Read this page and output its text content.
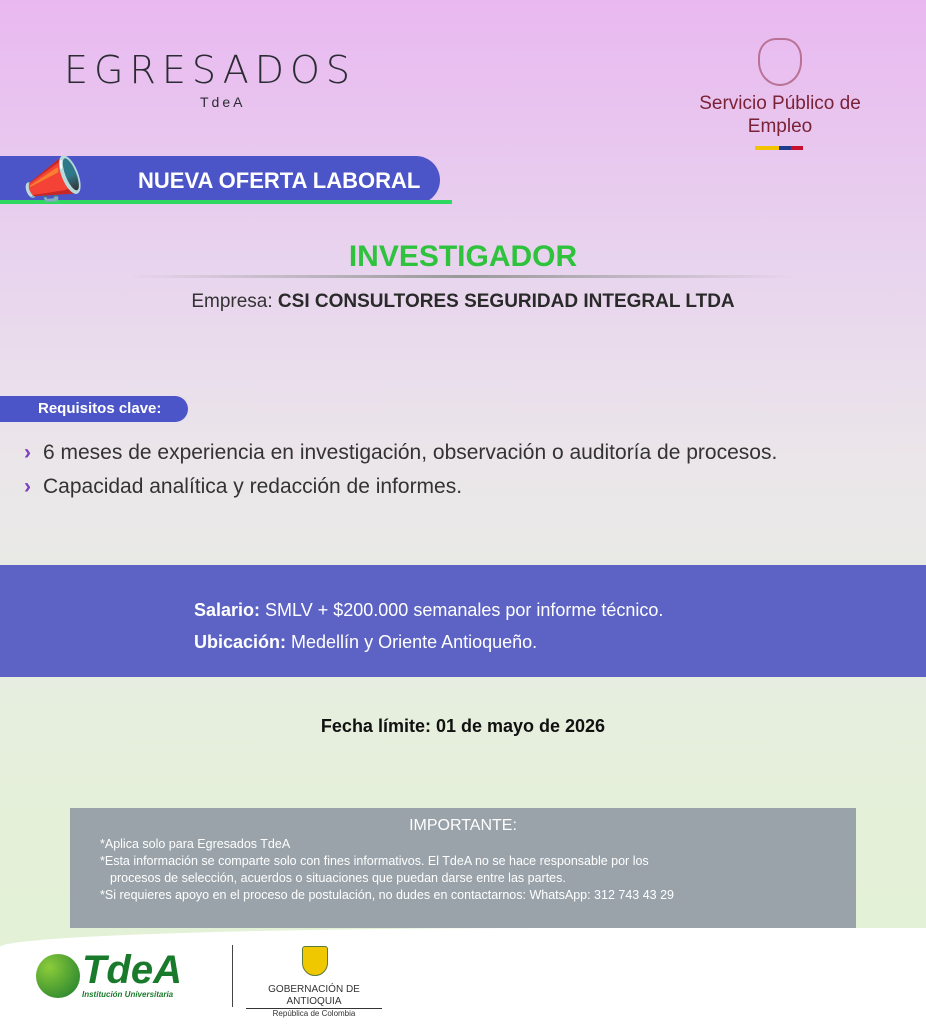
EGRESADOS
TdeA	Servicio Público de Empleo
NUEVA OFERTA LABORAL
📣
INVESTIGADOR
Empresa: CSI CONSULTORES SEGURIDAD INTEGRAL LTDA
Requisitos clave:
› 6 meses de experiencia en investigación, observación o auditoría de procesos.
› Capacidad analítica y redacción de informes.
Salario: SMLV + $200.000 semanales por informe técnico.
Ubicación: Medellín y Oriente Antioqueño.
Fecha límite: 01 de mayo de 2026
IMPORTANTE:

*Aplica solo para Egresados TdeA

*Esta información se comparte solo con fines informativos. El TdeA no se hace responsable por los

procesos de selección, acuerdos o situaciones que puedan darse entre las partes.

*Si requieres apoyo en el proceso de postulación, no dudes en contactarnos: WhatsApp: 312 743 43 29

TdeA
Institución Universitaria	GOBERNACIÓN DE ANTIOQUIA
República de Colombia
